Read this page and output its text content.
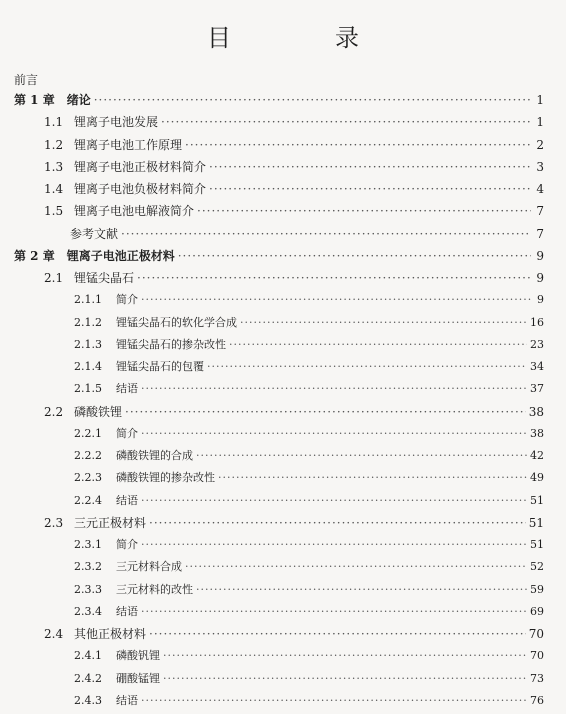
目　录
前言
第 1 章 绪论 ·····	1
1.1 锂离子电池发展 ·····	1
1.2 锂离子电池工作原理 ·····	2
1.3 锂离子电池正极材料简介 ·····	3
1.4 锂离子电池负极材料简介 ·····	4
1.5 锂离子电池电解液简介 ·····	7
参考文献 ·····	7
第 2 章 锂离子电池正极材料 ·····	9
2.1 锂锰尖晶石 ·····	9
2.1.1	简介 ·····	9
2.1.2	锂锰尖晶石的软化学合成 ·····	16
2.1.3	锂锰尖晶石的掺杂改性 ·····	23
2.1.4	锂锰尖晶石的包覆 ·····	34
2.1.5	结语 ·····	37
2.2 磷酸铁锂 ·····	38
2.2.1	简介 ·····	38
2.2.2	磷酸铁锂的合成 ·····	42
2.2.3	磷酸铁锂的掺杂改性 ·····	49
2.2.4	结语 ·····	51
2.3 三元正极材料 ·····	51
2.3.1	简介 ·····	51
2.3.2	三元材料合成 ·····	52
2.3.3	三元材料的改性 ·····	59
2.3.4	结语 ·····	69
2.4 其他正极材料 ·····	70
2.4.1	磷酸钒锂 ·····	70
2.4.2	硼酸锰锂 ·····	73
2.4.3	结语 ·····	76
